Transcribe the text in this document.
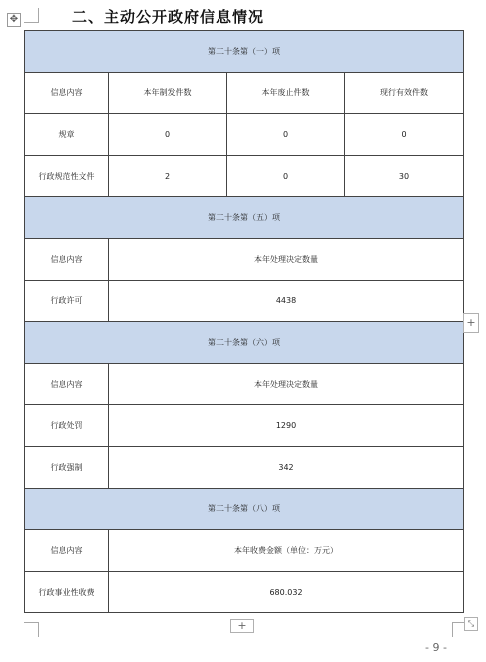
✥	二、主动公开政府信息情况
第二十条第（一）项			
信息内容	本年制发件数	本年废止件数	现行有效件数
规章	0	0	0
行政规范性文件	2	0	30
第二十条第（五）项			
信息内容	本年处理决定数量		
行政许可	4438		
第二十条第（六）项			
信息内容	本年处理决定数量		
行政处罚	1290		
行政强制	342		
第二十条第（八）项			
信息内容	本年收费金额（单位：万元）		
行政事业性收费	680.032		
+
+	⤡
- 9 -
